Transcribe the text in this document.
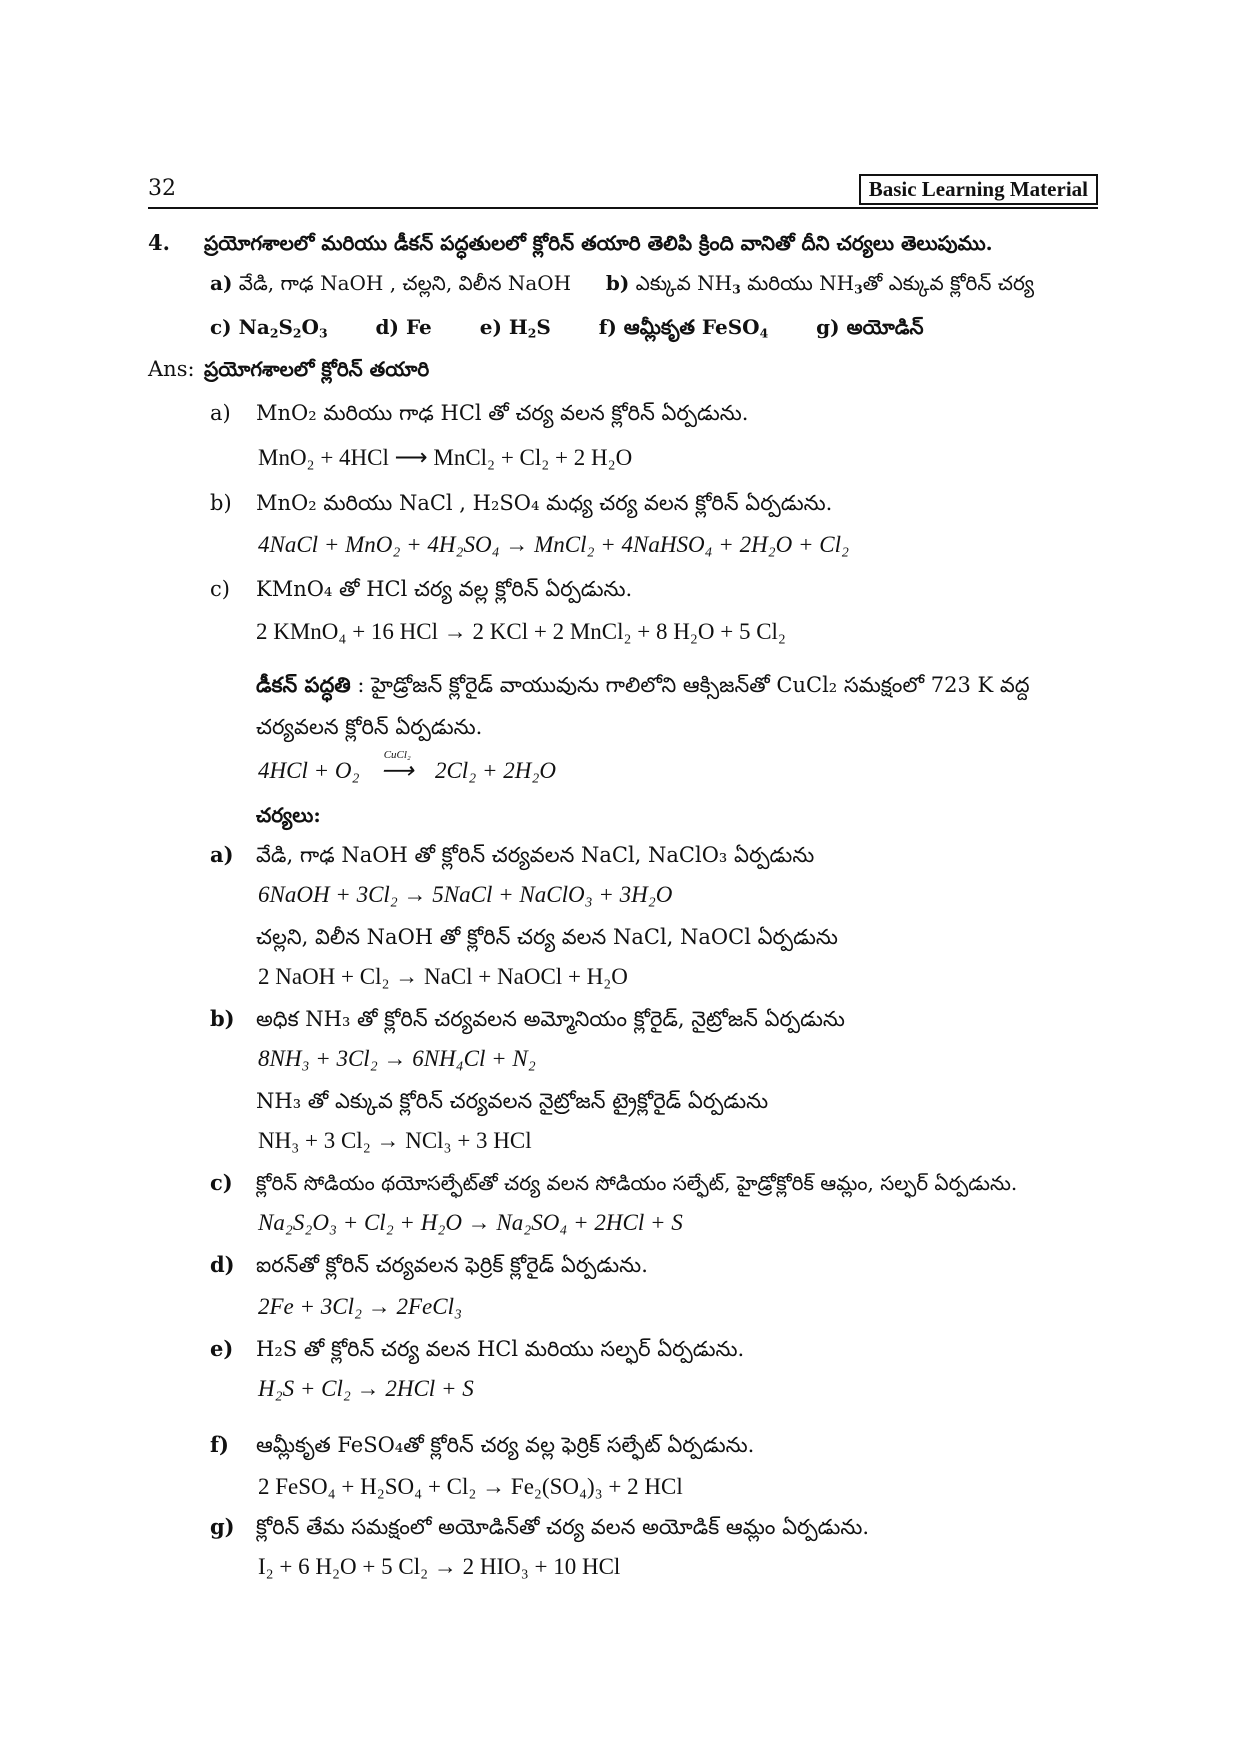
32	Basic Learning Material
4. ప్రయోగశాలలో మరియు డీకన్ పద్ధతులలో క్లోరిన్ తయారి తెలిపి క్రింది వానితో దీని చర్యలు తెలుపుము.
a) వేడి, గాఢ NaOH , చల్లని, విలీన NaOH b) ఎక్కువ $NH_3$ మరియు $NH_3తో$ ఎక్కువ క్లోరిన్ చర్య
c) $Na_2S_2O_3$ d) Fe e) $H_2S$ f) ఆమ్లీకృత FeSO$_4$ g) అయోడిన్
Ans: ప్రయోగశాలలో క్లోరిన్ తయారి
a) MnO₂ మరియు గాఢ HCl తో చర్య వలన క్లోరిన్ ఏర్పడును.
MnO₂ + 4HCl ⟶ MnCl₂ + Cl₂ + 2 H₂O
b) MnO₂ మరియు NaCl , H₂SO₄ మధ్య చర్య వలన క్లోరిన్ ఏర్పడును.
4NaCl + MnO₂ + 4H₂SO₄ → MnCl₂ + 4NaHSO₄ + 2H₂O + Cl₂
c) KMnO₄ తో HCl చర్య వల్ల క్లోరిన్ ఏర్పడును.
2 KMnO₄ + 16 HCl → 2 KCl + 2 MnCl₂ + 8 H₂O + 5 Cl₂
డీకన్ పద్ధతి : హైడ్రోజన్ క్లోరైడ్ వాయువును గాలిలోని ఆక్సిజన్‌తో CuCl₂ సమక్షంలో 723 K వద్ద
చర్యవలన క్లోరిన్ ఏర్పడును.
4HCl + O₂
CuCl₂
⟶ 2Cl₂ + 2H₂O
చర్యలు:
a) వేడి, గాఢ NaOH తో క్లోరిన్ చర్యవలన NaCl, NaClO₃ ఏర్పడును
6NaOH + 3Cl₂ → 5NaCl + NaClO₃ + 3H₂O
చల్లని, విలీన NaOH తో క్లోరిన్ చర్య వలన NaCl, NaOCl ఏర్పడును
2 NaOH + Cl₂ → NaCl + NaOCl + H₂O
b) అధిక NH₃ తో క్లోరిన్ చర్యవలన అమ్మోనియం క్లోరైడ్, నైట్రోజన్ ఏర్పడును
8NH₃ + 3Cl₂ → 6NH₄Cl + N₂
NH₃ తో ఎక్కువ క్లోరిన్ చర్యవలన నైట్రోజన్ ట్రైక్లోరైడ్ ఏర్పడును
NH₃ + 3 Cl₂ → NCl₃ + 3 HCl
c) క్లోరిన్ సోడియం థయోసల్ఫేట్‌తో చర్య వలన సోడియం సల్ఫేట్, హైడ్రోక్లోరిక్ ఆమ్లం, సల్ఫర్ ఏర్పడును.
Na₂S₂O₃ + Cl₂ + H₂O → Na₂SO₄ + 2HCl + S
d) ఐరన్‌తో క్లోరిన్ చర్యవలన ఫెర్రిక్ క్లోరైడ్ ఏర్పడును.
2Fe + 3Cl₂ → 2FeCl₃
e) H₂S తో క్లోరిన్ చర్య వలన HCl మరియు సల్ఫర్ ఏర్పడును.
H₂S + Cl₂ → 2HCl + S
f) ఆమ్లీకృత FeSO₄తో క్లోరిన్ చర్య వల్ల ఫెర్రిక్ సల్ఫేట్ ఏర్పడును.
2 FeSO₄ + H₂SO₄ + Cl₂ → Fe₂(SO₄)₃ + 2 HCl
g) క్లోరిన్ తేమ సమక్షంలో అయోడిన్‌తో చర్య వలన అయోడిక్ ఆమ్లం ఏర్పడును.
I₂ + 6 H₂O + 5 Cl₂ → 2 HIO₃ + 10 HCl
